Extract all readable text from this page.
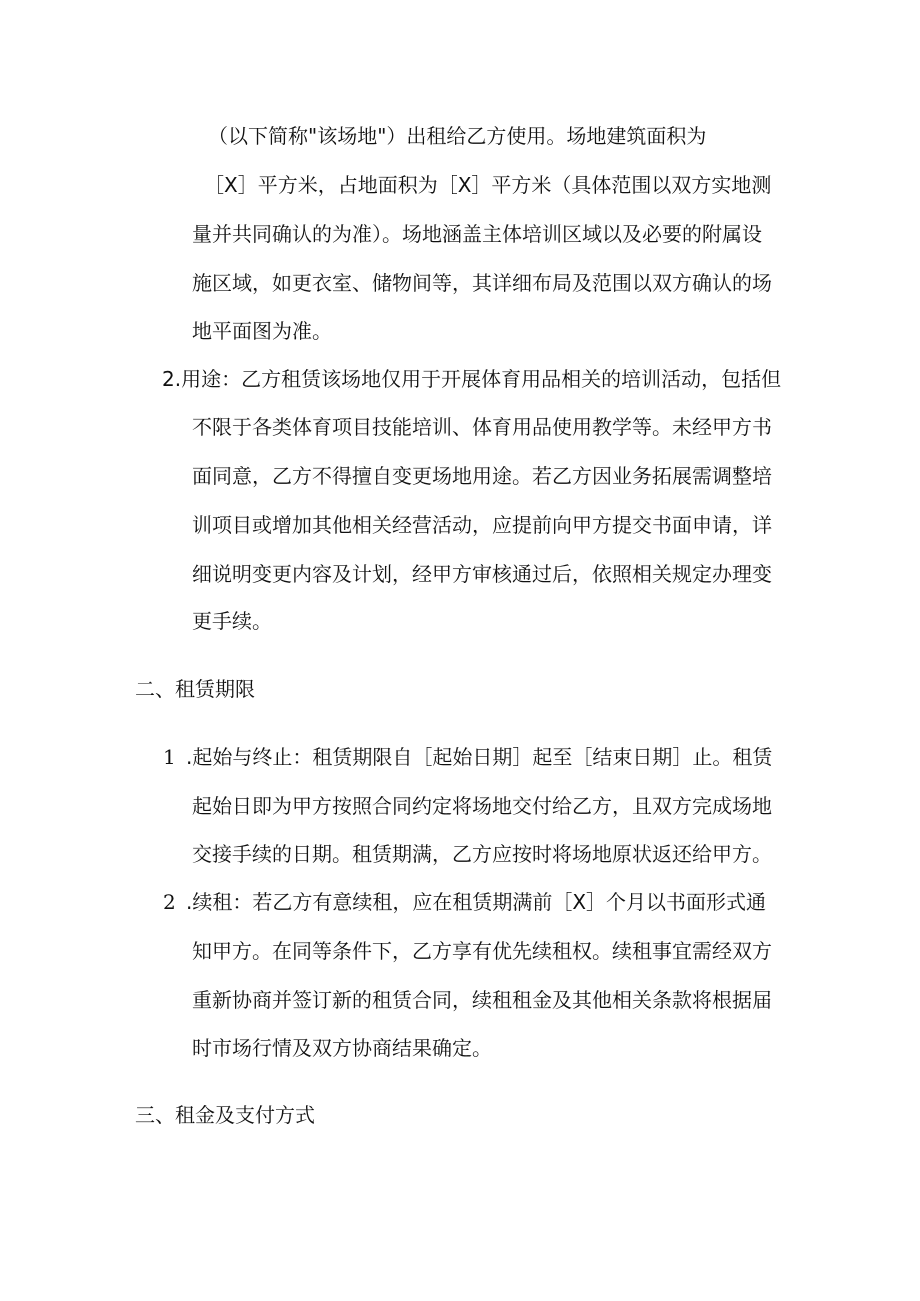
（以下简称"该场地"）出租给乙方使用。场地建筑面积为
［X］平方米，占地面积为［X］平方米（具体范围以双方实地测
量并共同确认的为准）。场地涵盖主体培训区域以及必要的附属设
施区域，如更衣室、储物间等，其详细布局及范围以双方确认的场
地平面图为准。
2.用途：乙方租赁该场地仅用于开展体育用品相关的培训活动，包括但
不限于各类体育项目技能培训、体育用品使用教学等。未经甲方书
面同意，乙方不得擅自变更场地用途。若乙方因业务拓展需调整培
训项目或增加其他相关经营活动，应提前向甲方提交书面申请，详
细说明变更内容及计划，经甲方审核通过后，依照相关规定办理变
更手续。
二、租赁期限
1 .起始与终止：租赁期限自［起始日期］起至［结束日期］止。租赁
起始日即为甲方按照合同约定将场地交付给乙方，且双方完成场地
交接手续的日期。租赁期满，乙方应按时将场地原状返还给甲方。
2 .续租：若乙方有意续租，应在租赁期满前［X］个月以书面形式通
知甲方。在同等条件下，乙方享有优先续租权。续租事宜需经双方
重新协商并签订新的租赁合同，续租租金及其他相关条款将根据届
时市场行情及双方协商结果确定。
三、租金及支付方式
